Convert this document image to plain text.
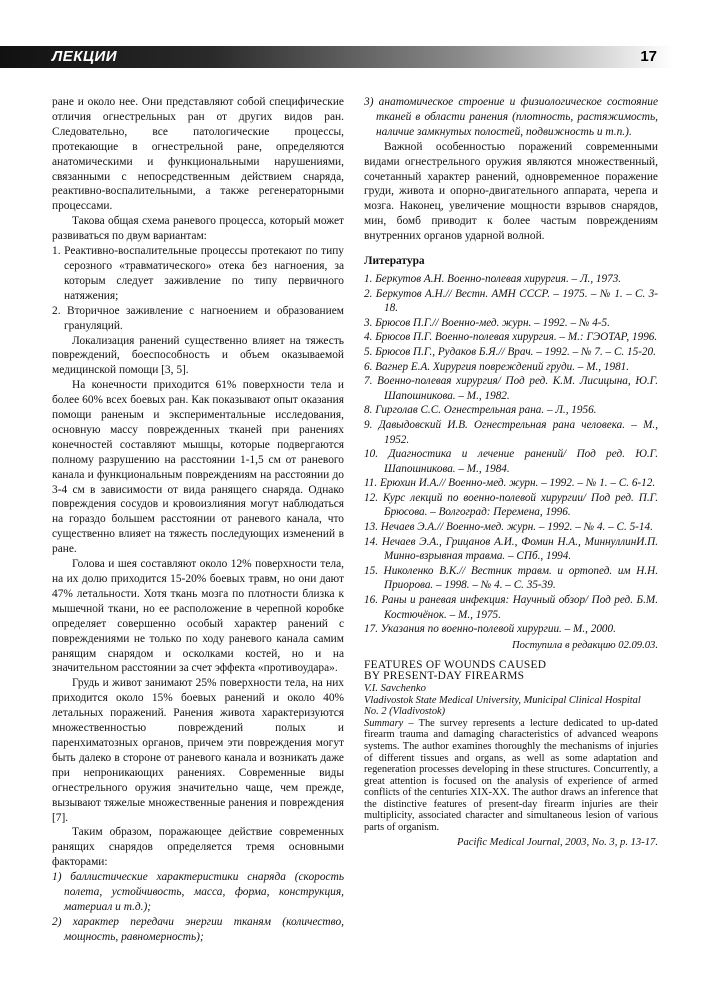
ЛЕКЦИИ	17

ране и около нее. Они представляют собой специфические отличия огнестрельных ран от других видов ран. Следовательно, все патологические процессы, протекающие в огнестрельной ране, определяются анатомическими и функциональными нарушениями, связанными с непосредственным действием снаряда, реактивно-воспалительными, а также регенераторными процессами.

Такова общая схема раневого процесса, который может развиваться по двум вариантам:

1. Реактивно-воспалительные процессы протекают по типу серозного «травматического» отека без нагноения, за которым следует заживление по типу первичного натяжения;

2. Вторичное заживление с нагноением и образованием грануляций.

Локализация ранений существенно влияет на тяжесть повреждений, боеспособность и объем оказываемой медицинской помощи [3, 5].

На конечности приходится 61% поверхности тела и более 60% всех боевых ран. Как показывают опыт оказания помощи раненым и экспериментальные исследования, основную массу поврежденных тканей при ранениях конечностей составляют мышцы, которые подвергаются полному разрушению на расстоянии 1-1,5 см от раневого канала и функциональным повреждениям на расстоянии до 3-4 см в зависимости от вида ранящего снаряда. Однако повреждения сосудов и кровоизлияния могут наблюдаться на гораздо большем расстоянии от раневого канала, что существенно влияет на тяжесть последующих изменений в ране.

Голова и шея составляют около 12% поверхности тела, на их долю приходится 15-20% боевых травм, но они дают 47% летальности. Хотя ткань мозга по плотности близка к мышечной ткани, но ее расположение в черепной коробке определяет совершенно особый характер ранений с повреждениями не только по ходу раневого канала самим ранящим снарядом и осколками костей, но и на значительном расстоянии за счет эффекта «противоудара».

Грудь и живот занимают 25% поверхности тела, на них приходится около 15% боевых ранений и около 40% летальных поражений. Ранения живота характеризуются множественностью повреждений полых и паренхиматозных органов, причем эти повреждения могут быть далеко в стороне от раневого канала и возникать даже при непроникающих ранениях. Современные виды огнестрельного оружия значительно чаще, чем прежде, вызывают тяжелые множественные ранения и повреждения [7].

Таким образом, поражающее действие современных ранящих снарядов определяется тремя основными факторами:

1) баллистические характеристики снаряда (скорость полета, устойчивость, масса, форма, конструкция, материал и т.д.);

2) характер передачи энергии тканям (количество, мощность, равномерность);

3) анатомическое строение и физиологическое состояние тканей в области ранения (плотность, растяжимость, наличие замкнутых полостей, подвижность и т.п.).

Важной особенностью поражений современными видами огнестрельного оружия являются множественный, сочетанный характер ранений, одновременное поражение груди, живота и опорно-двигательного аппарата, черепа и мозга. Наконец, увеличение мощности взрывов снарядов, мин, бомб приводит к более частым повреждениям внутренних органов ударной волной.

Литература
1. Беркутов А.Н. Военно-полевая хирургия. – Л., 1973.
2. Беркутов А.Н.// Вестн. АМН СССР. – 1975. – № 1. – С. 3-18.
3. Брюсов П.Г.// Военно-мед. журн. – 1992. – № 4-5.
4. Брюсов П.Г. Военно-полевая хирургия. – М.: ГЭОТАР, 1996.
5. Брюсов П.Г., Рудаков Б.Я.// Врач. – 1992. – № 7. – С. 15-20.
6. Вагнер Е.А. Хирургия повреждений груди. – М., 1981.
7. Военно-полевая хирургия/ Под ред. К.М. Лисицына, Ю.Г. Шапошникова. – М., 1982.
8. Гирголав С.С. Огнестрельная рана. – Л., 1956.
9. Давыдовский И.В. Огнестрельная рана человека. – М., 1952.
10. Диагностика и лечение ранений/ Под ред. Ю.Г. Шапошникова. – М., 1984.
11. Ерюхин И.А.// Военно-мед. журн. – 1992. – № 1. – С. 6-12.
12. Курс лекций по военно-полевой хирургии/ Под ред. П.Г. Брюсова. – Волгоград: Перемена, 1996.
13. Нечаев Э.А.// Военно-мед. журн. – 1992. – № 4. – С. 5-14.
14. Нечаев Э.А., Грицанов А.И., Фомин Н.А., МиннуллинИ.П. Минно-взрывная травма. – СПб., 1994.
15. Николенко В.К.// Вестник травм. и ортопед. им Н.Н. Приорова. – 1998. – № 4. – С. 35-39.
16. Раны и раневая инфекция: Научный обзор/ Под ред. Б.М. Костючёнок. – М., 1975.
17. Указания по военно-полевой хирургии. – М., 2000.
Поступила в редакцию 02.09.03.
FEATURES OF WOUNDS CAUSED
BY PRESENT-DAY FIREARMS
V.I. Savchenko
Vladivostok State Medical University, Municipal Clinical Hospital No. 2 (Vladivostok)
Summary – The survey represents a lecture dedicated to up-dated firearm trauma and damaging characteristics of advanced weapons systems. The author examines thoroughly the mechanisms of injuries of different tissues and organs, as well as some adaptation and regeneration processes developing in these structures. Concurrently, a great attention is focused on the analysis of experience of armed conflicts of the centuries XIX-XX. The author draws an inference that the distinctive features of present-day firearm injuries are their multiplicity, associated character and simultaneous lesion of various parts of organism.
Pacific Medical Journal, 2003, No. 3, p. 13-17.
